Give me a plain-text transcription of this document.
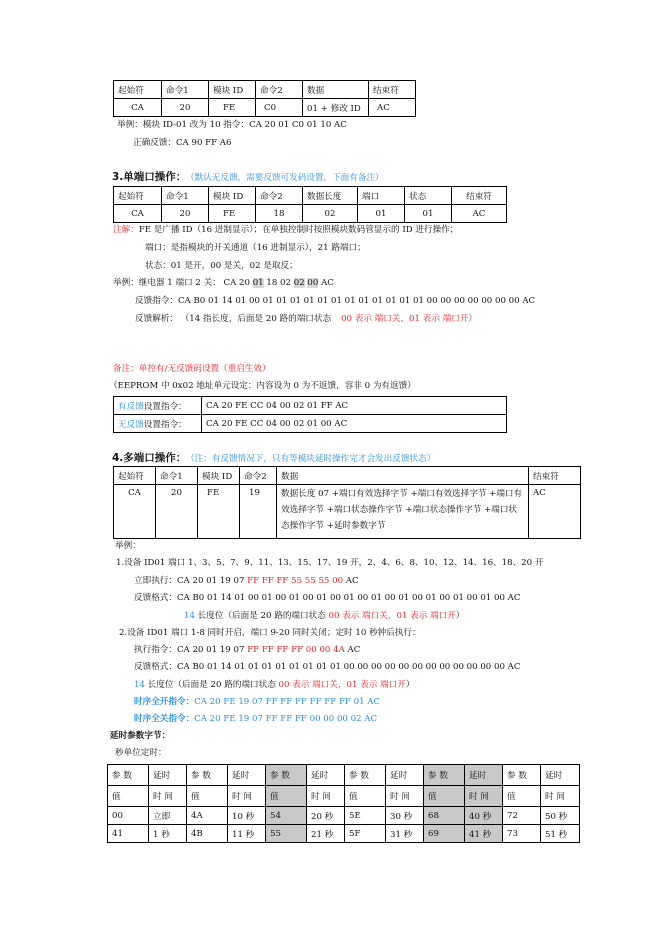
起始符	命令1	模块 ID	命令2	数据	结束符
CA	20	FE	C0	01 + 修改 ID	AC
举例：模块 ID-01 改为 10 指令：CA 20 01 C0 01 10 AC
正确反馈：CA 90 FF A6
3.单端口操作： （默认无反馈，需要反馈可发码设置，下面有备注）
起始符	命令1	模块 ID	命令2	数据长度	端口	状态	结束符
CA	20	FE	18	02	01	01	AC
注解：FE 是广播 ID（16 进制显示）；在单独控制时按照模块数码管显示的 ID 进行操作；
端口：是指模块的开关通道（16 进制显示），21 路端口；
状态：01 是开，00 是关，02 是取反；
举例：继电器 1 端口 2 关： CA 20 01 18 02 02 00 AC
反馈指令：CA B0 01 14 01 00 01 01 01 01 01 01 01 01 01 01 01 01 00 00 00 00 00 00 00 AC
反馈解析： （14 指长度，后面是 20 路的端口状态 00 表示 端口关，01 表示 端口开）
备注：单控有/无反馈码设置（重启生效）
（EEPROM 中 0x02 地址单元设定：内容设为 0 为不返馈，容非 0 为有返馈）
有反馈设置指令：	CA 20 FE CC 04 00 02 01 FF AC
无反馈设置指令：	CA 20 FE CC 04 00 02 01 00 AC
4.多端口操作： （注：有反馈情况下，只有等模块延时操作完才会发出反馈状态）
起始符	命令1	模块 ID	命令2	数据	结束符
CA	20	FE	19	数据长度 07 +端口有效选择字节 +端口有效选择字节 +端口有效选择字节 +端口状态操作字节 +端口状态操作字节 +端口状态操作字节 +延时参数字节	AC
举例：
1.设备 ID01 端口 1、3、5、7、9、11、13、15、17、19 开，2、4、6、8、10、12、14、16、18、20 开
立即执行：CA 20 01 19 07 FF FF FF 55 55 55 00 AC
反馈格式：CA B0 01 14 01 00 01 00 01 00 01 00 01 00 01 00 01 00 01 00 01 00 01 00 AC
14 长度位（后面是 20 路的端口状态 00 表示 端口关，01 表示 端口开）
2.设备 ID01 端口 1-8 同时开启，端口 9-20 同时关闭；定时 10 秒钟后执行：
执行指令：CA 20 01 19 07 FF FF FF FF 00 00 4A AC
反馈格式：CA B0 01 14 01 01 01 01 01 01 01 01 00 00 00 00 00 00 00 00 00 00 00 00 AC
14 长度位（后面是 20 路的端口状态 00 表示 端口关，01 表示 端口开）
时序全开指令：CA 20 FE 19 07 FF FF FF FF FF FF 01 AC
时序全关指令：CA 20 FE 19 07 FF FF FF 00 00 00 02 AC
延时参数字节：
秒单位定时：
参 数	延时	参 数	延时	参 数	延时	参 数	延时	参 数	延时	参 数	延时
值	时 间	值	时 间	值	时 间	值	时 间	值	时 间	值	时 间
00	立即	4A	10 秒	54	20 秒	5E	30 秒	68	40 秒	72	50 秒
41	1 秒	4B	11 秒	55	21 秒	5F	31 秒	69	41 秒	73	51 秒
